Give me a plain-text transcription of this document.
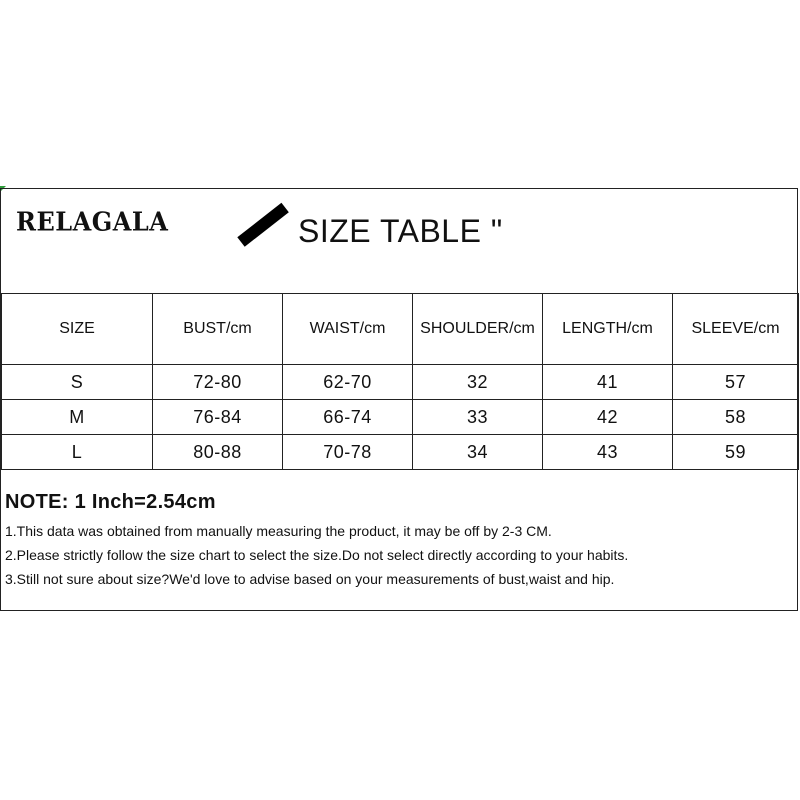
RELAGALA	SIZE TABLE "
SIZE	BUST/cm	WAIST/cm	SHOULDER/cm	LENGTH/cm	SLEEVE/cm
S	72-80	62-70	32	41	57
M	76-84	66-74	33	42	58
L	80-88	70-78	34	43	59
NOTE: 1 Inch=2.54cm
1.This data was obtained from manually measuring the product, it may be off by 2-3 CM.
2.Please strictly follow the size chart to select the size.Do not select directly according to your habits.
3.Still not sure about size?We'd love to advise based on your measurements of bust,waist and hip.
